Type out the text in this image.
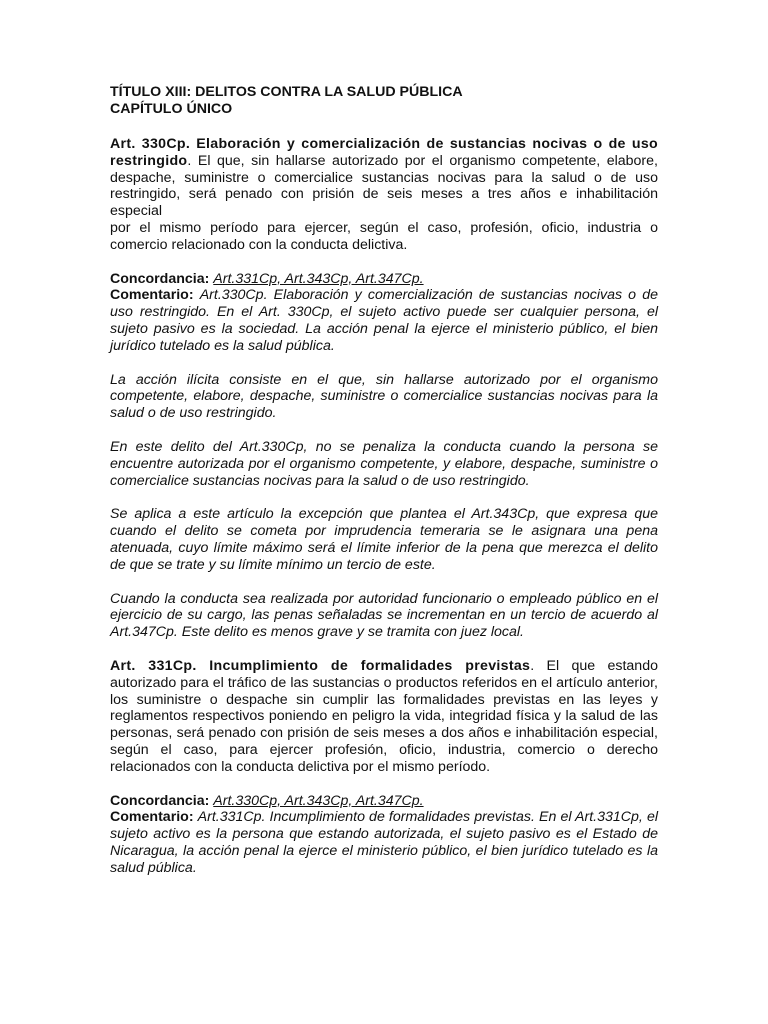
TÍTULO XIII: DELITOS CONTRA LA SALUD PÚBLICA
CAPÍTULO ÚNICO

Art. 330Cp. Elaboración y comercialización de sustancias nocivas o de uso restringido. El que, sin hallarse autorizado por el organismo competente, elabore, despache, suministre o comercialice sustancias nocivas para la salud o de uso restringido, será penado con prisión de seis meses a tres años e inhabilitación especial

por el mismo período para ejercer, según el caso, profesión, oficio, industria o comercio relacionado con la conducta delictiva.

Concordancia: Art.331Cp, Art.343Cp, Art.347Cp.

Comentario: Art.330Cp. Elaboración y comercialización de sustancias nocivas o de uso restringido. En el Art. 330Cp, el sujeto activo puede ser cualquier persona, el sujeto pasivo es la sociedad. La acción penal la ejerce el ministerio público, el bien jurídico tutelado es la salud pública.

La acción ilícita consiste en el que, sin hallarse autorizado por el organismo competente, elabore, despache, suministre o comercialice sustancias nocivas para la salud o de uso restringido.

En este delito del Art.330Cp, no se penaliza la conducta cuando la persona se encuentre autorizada por el organismo competente, y elabore, despache, suministre o comercialice sustancias nocivas para la salud o de uso restringido.

Se aplica a este artículo la excepción que plantea el Art.343Cp, que expresa que cuando el delito se cometa por imprudencia temeraria se le asignara una pena atenuada, cuyo límite máximo será el límite inferior de la pena que merezca el delito de que se trate y su límite mínimo un tercio de este.

Cuando la conducta sea realizada por autoridad funcionario o empleado público en el ejercicio de su cargo, las penas señaladas se incrementan en un tercio de acuerdo al Art.347Cp. Este delito es menos grave y se tramita con juez local.

Art. 331Cp. Incumplimiento de formalidades previstas. El que estando autorizado para el tráfico de las sustancias o productos referidos en el artículo anterior, los suministre o despache sin cumplir las formalidades previstas en las leyes y reglamentos respectivos poniendo en peligro la vida, integridad física y la salud de las personas, será penado con prisión de seis meses a dos años e inhabilitación especial, según el caso, para ejercer profesión, oficio, industria, comercio o derecho relacionados con la conducta delictiva por el mismo período.

Concordancia: Art.330Cp, Art.343Cp, Art.347Cp.

Comentario: Art.331Cp. Incumplimiento de formalidades previstas. En el Art.331Cp, el sujeto activo es la persona que estando autorizada, el sujeto pasivo es el Estado de Nicaragua, la acción penal la ejerce el ministerio público, el bien jurídico tutelado es la salud pública.
